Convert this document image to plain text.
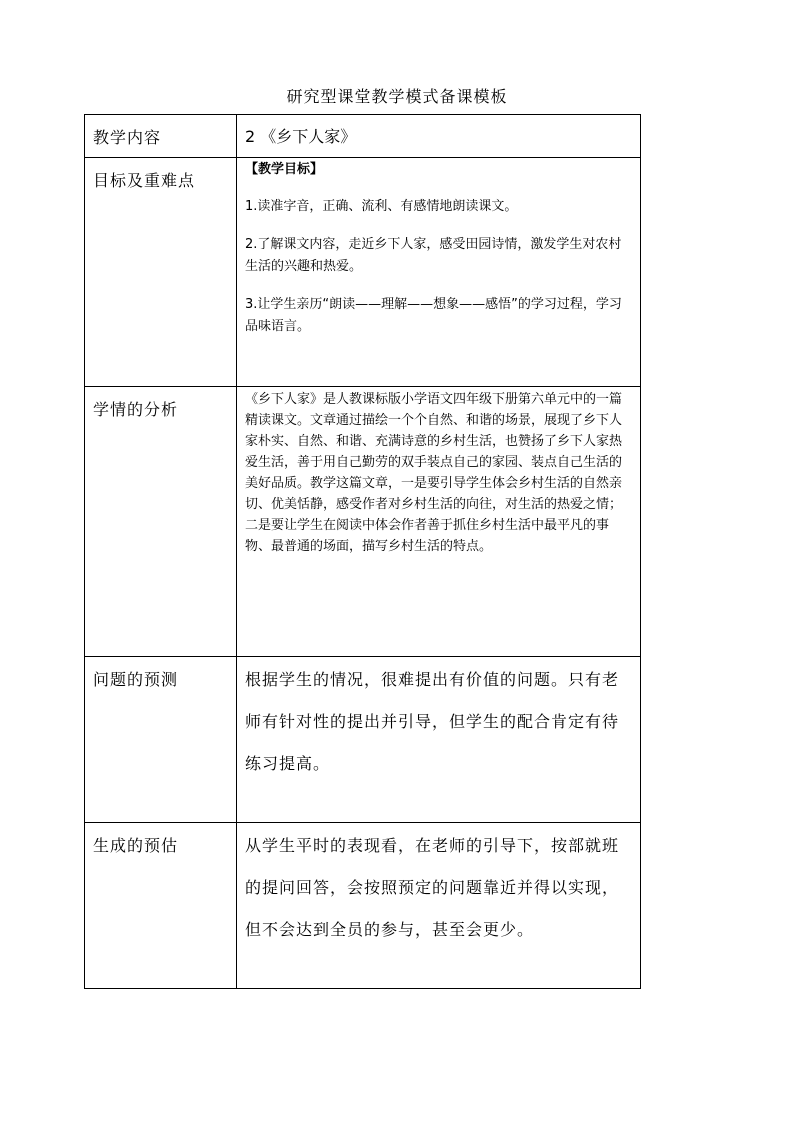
研究型课堂教学模式备课模板
教学内容	2 《乡下人家》

目标及重难点	【教学目标】
1.读准字音，正确、流利、有感情地朗读课文。
2.了解课文内容，走近乡下人家，感受田园诗情，激发学生对农村生活的兴趣和热爱。
3.让学生亲历“朗读——理解——想象——感悟”的学习过程，学习品味语言。

学情的分析	《乡下人家》是人教课标版小学语文四年级下册第六单元中的一篇精读课文。文章通过描绘一个个自然、和谐的场景，展现了乡下人家朴实、自然、和谐、充满诗意的乡村生活，也赞扬了乡下人家热爱生活，善于用自己勤劳的双手装点自己的家园、装点自己生活的美好品质。教学这篇文章，一是要引导学生体会乡村生活的自然亲切、优美恬静，感受作者对乡村生活的向往，对生活的热爱之情；二是要让学生在阅读中体会作者善于抓住乡村生活中最平凡的事物、最普通的场面，描写乡村生活的特点。

问题的预测	根据学生的情况，很难提出有价值的问题。只有老师有针对性的提出并引导，但学生的配合肯定有待练习提高。

生成的预估	从学生平时的表现看，在老师的引导下，按部就班的提问回答，会按照预定的问题靠近并得以实现，但不会达到全员的参与，甚至会更少。
